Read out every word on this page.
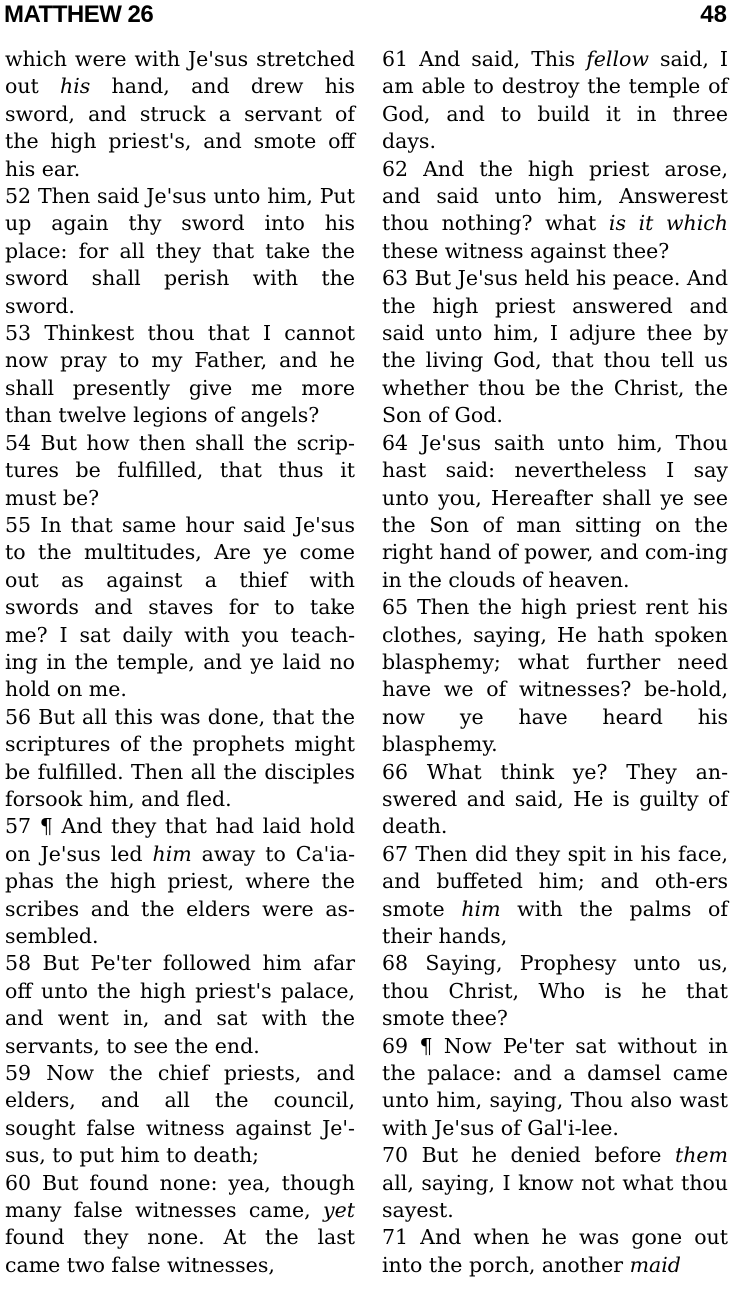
MATTHEW 26	48

which were with Je'sus stretched out his hand, and drew his sword, and struck a servant of the high priest's, and smote off his ear.

52 Then said Je'sus unto him, Put up again thy sword into his place: for all they that take the sword shall perish with the sword.

53 Thinkest thou that I cannot now pray to my Father, and he shall presently give me more than twelve legions of angels?

54 But how then shall the scrip-tures be fulfilled, that thus it must be?

55 In that same hour said Je'sus to the multitudes, Are ye come out as against a thief with swords and staves for to take me? I sat daily with you teach-ing in the temple, and ye laid no hold on me.

56 But all this was done, that the scriptures of the prophets might be fulfilled. Then all the disciples forsook him, and fled.

57 ¶ And they that had laid hold on Je'sus led him away to Ca'ia-phas the high priest, where the scribes and the elders were as-sembled.

58 But Pe'ter followed him afar off unto the high priest's palace, and went in, and sat with the servants, to see the end.

59 Now the chief priests, and elders, and all the council, sought false witness against Je'-sus, to put him to death;

60 But found none: yea, though many false witnesses came, yet found they none. At the last came two false witnesses,

61 And said, This fellow said, I am able to destroy the temple of God, and to build it in three days.

62 And the high priest arose, and said unto him, Answerest thou nothing? what is it which these witness against thee?

63 But Je'sus held his peace. And the high priest answered and said unto him, I adjure thee by the living God, that thou tell us whether thou be the Christ, the Son of God.

64 Je'sus saith unto him, Thou hast said: nevertheless I say unto you, Hereafter shall ye see the Son of man sitting on the right hand of power, and com-ing in the clouds of heaven.

65 Then the high priest rent his clothes, saying, He hath spoken blasphemy; what further need have we of witnesses? be-hold, now ye have heard his blasphemy.

66 What think ye? They an-swered and said, He is guilty of death.

67 Then did they spit in his face, and buffeted him; and oth-ers smote him with the palms of their hands,

68 Saying, Prophesy unto us, thou Christ, Who is he that smote thee?

69 ¶ Now Pe'ter sat without in the palace: and a damsel came unto him, saying, Thou also wast with Je'sus of Gal'i-lee.

70 But he denied before them all, saying, I know not what thou sayest.

71 And when he was gone out into the porch, another maid
